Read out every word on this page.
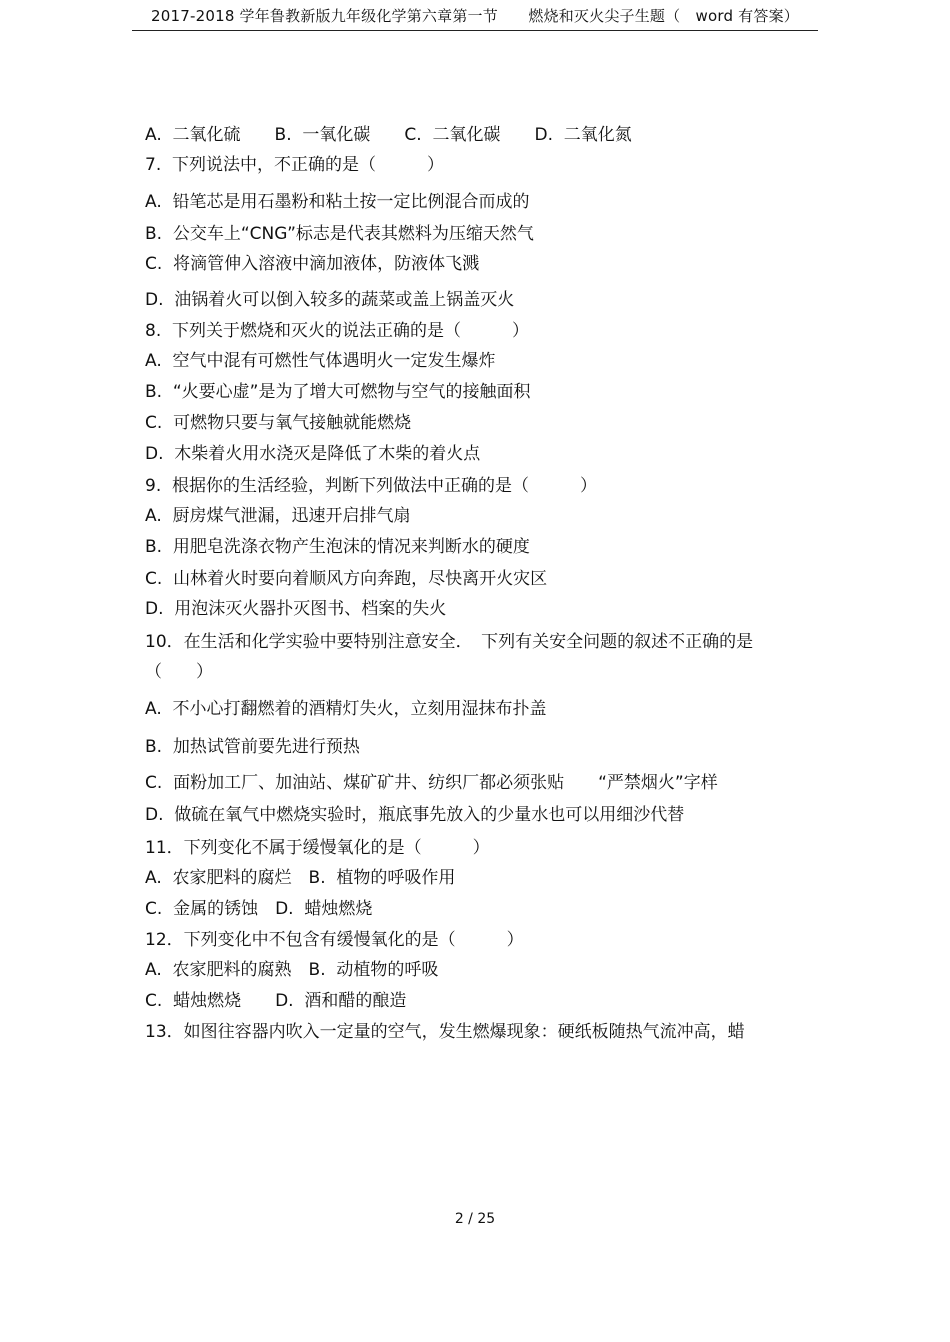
2017-2018 学年鲁教新版九年级化学第六章第一节　　燃烧和灭火尖子生题（　word 有答案）
A.  二氧化硫　　B.  一氧化碳　　C.  二氧化碳　　D.  二氧化氮
7.  下列说法中，不正确的是（　　　）
A.  铅笔芯是用石墨粉和粘土按一定比例混合而成的
B.  公交车上“CNG”标志是代表其燃料为压缩天然气
C.  将滴管伸入溶液中滴加液体，防液体飞溅
D.  油锅着火可以倒入较多的蔬菜或盖上锅盖灭火
8.  下列关于燃烧和灭火的说法正确的是（　　　）
A.  空气中混有可燃性气体遇明火一定发生爆炸
B.  “火要心虚”是为了增大可燃物与空气的接触面积
C.  可燃物只要与氧气接触就能燃烧
D.  木柴着火用水浇灭是降低了木柴的着火点
9.  根据你的生活经验，判断下列做法中正确的是（　　　）
A.  厨房煤气泄漏，迅速开启排气扇
B.  用肥皂洗涤衣物产生泡沫的情况来判断水的硬度
C.  山林着火时要向着顺风方向奔跑，尽快离开火灾区
D.  用泡沫灭火器扑灭图书、档案的失火
10．在生活和化学实验中要特别注意安全．　下列有关安全问题的叙述不正确的是
（　　）
A.  不小心打翻燃着的酒精灯失火，立刻用湿抹布扑盖
B.  加热试管前要先进行预热
C.  面粉加工厂、加油站、煤矿矿井、纺织厂都必须张贴　　“严禁烟火”字样
D.  做硫在氧气中燃烧实验时，瓶底事先放入的少量水也可以用细沙代替
11．下列变化不属于缓慢氧化的是（　　　）
A.  农家肥料的腐烂　B.  植物的呼吸作用
C.  金属的锈蚀　D.  蜡烛燃烧
12．下列变化中不包含有缓慢氧化的是（　　　）
A.  农家肥料的腐熟　B.  动植物的呼吸
C.  蜡烛燃烧　　D.  酒和醋的酿造
13．如图往容器内吹入一定量的空气，发生燃爆现象：硬纸板随热气流冲高，蜡
2 / 25
